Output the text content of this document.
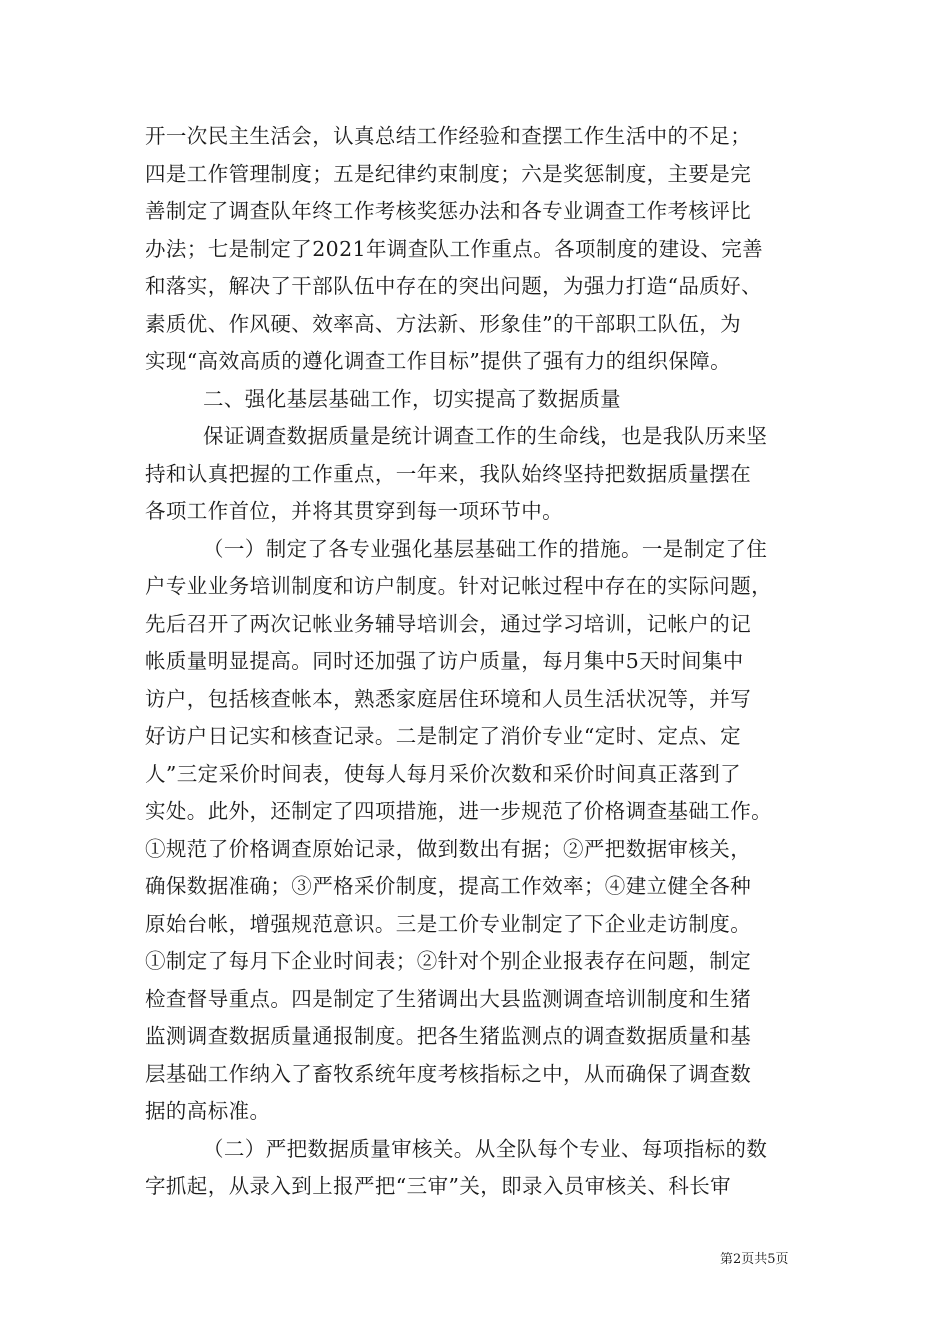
开一次民主生活会，认真总结工作经验和查摆工作生活中的不足；
四是工作管理制度；五是纪律约束制度；六是奖惩制度，主要是完
善制定了调查队年终工作考核奖惩办法和各专业调查工作考核评比
办法；七是制定了2021年调查队工作重点。各项制度的建设、完善
和落实，解决了干部队伍中存在的突出问题，为强力打造“品质好、
素质优、作风硬、效率高、方法新、形象佳”的干部职工队伍，为
实现“高效高质的遵化调查工作目标”提供了强有力的组织保障。
二、强化基层基础工作，切实提高了数据质量
保证调查数据质量是统计调查工作的生命线，也是我队历来坚
持和认真把握的工作重点，一年来，我队始终坚持把数据质量摆在
各项工作首位，并将其贯穿到每一项环节中。
（一）制定了各专业强化基层基础工作的措施。一是制定了住
户专业业务培训制度和访户制度。针对记帐过程中存在的实际问题，
先后召开了两次记帐业务辅导培训会，通过学习培训，记帐户的记
帐质量明显提高。同时还加强了访户质量，每月集中5天时间集中
访户，包括核查帐本，熟悉家庭居住环境和人员生活状况等，并写
好访户日记实和核查记录。二是制定了消价专业“定时、定点、定
人”三定采价时间表，使每人每月采价次数和采价时间真正落到了
实处。此外，还制定了四项措施，进一步规范了价格调查基础工作。
①规范了价格调查原始记录，做到数出有据；②严把数据审核关，
确保数据准确；③严格采价制度，提高工作效率；④建立健全各种
原始台帐，增强规范意识。三是工价专业制定了下企业走访制度。
①制定了每月下企业时间表；②针对个别企业报表存在问题，制定
检查督导重点。四是制定了生猪调出大县监测调查培训制度和生猪
监测调查数据质量通报制度。把各生猪监测点的调查数据质量和基
层基础工作纳入了畜牧系统年度考核指标之中，从而确保了调查数
据的高标准。
（二）严把数据质量审核关。从全队每个专业、每项指标的数
字抓起，从录入到上报严把“三审”关，即录入员审核关、科长审
第2页共5页
